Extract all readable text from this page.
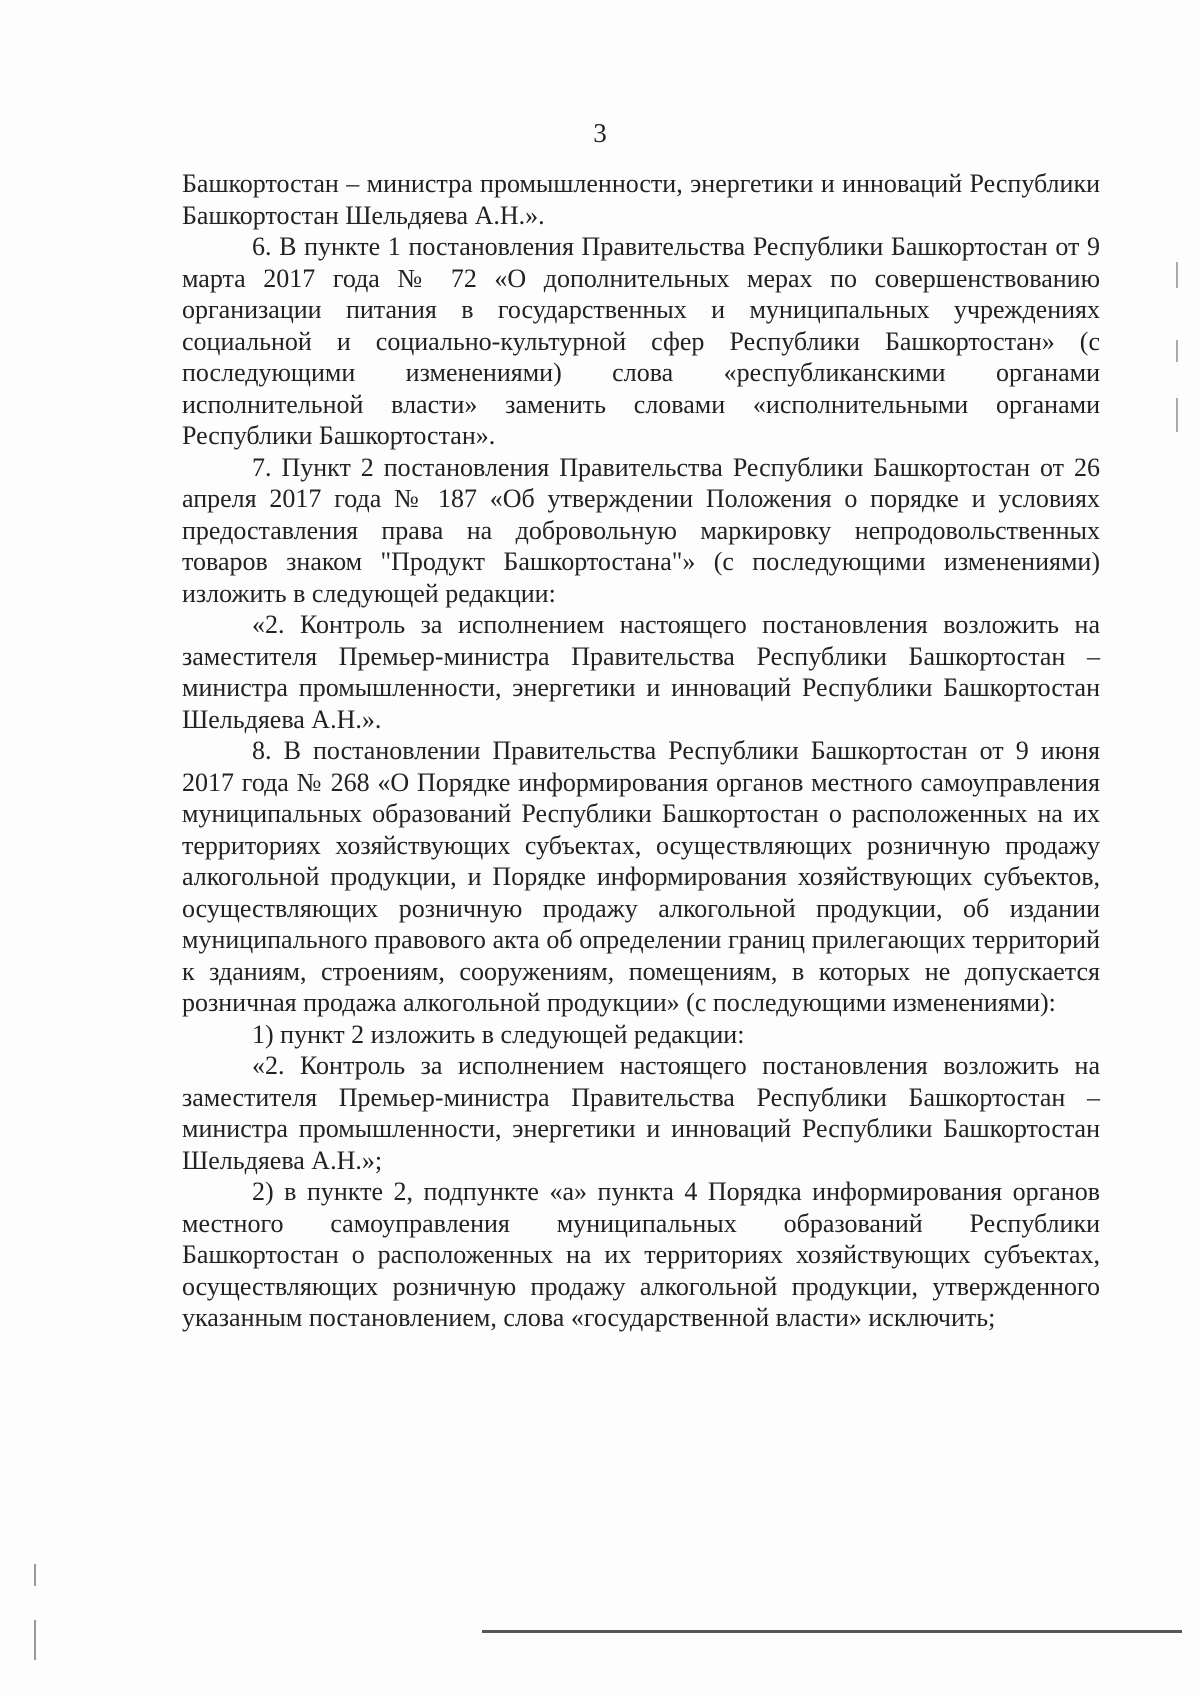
3

Башкортостан – министра промышленности, энергетики и инноваций Республики Башкортостан Шельдяева А.Н.».

6. В пункте 1 постановления Правительства Республики Башкортостан от 9 марта 2017 года № 72 «О дополнительных мерах по совершенствованию организации питания в государственных и муниципальных учреждениях социальной и социально-культурной сфер Республики Башкортостан» (с последующими изменениями) слова «республиканскими органами исполнительной власти» заменить словами «исполнительными органами Республики Башкортостан».

7. Пункт 2 постановления Правительства Республики Башкортостан от 26 апреля 2017 года № 187 «Об утверждении Положения о порядке и условиях предоставления права на добровольную маркировку непродовольственных товаров знаком "Продукт Башкортостана"» (с последующими изменениями) изложить в следующей редакции:

«2. Контроль за исполнением настоящего постановления возложить на заместителя Премьер-министра Правительства Республики Башкортостан – министра промышленности, энергетики и инноваций Республики Башкортостан Шельдяева А.Н.».

8. В постановлении Правительства Республики Башкортостан от 9 июня 2017 года № 268 «О Порядке информирования органов местного самоуправления муниципальных образований Республики Башкортостан о расположенных на их территориях хозяйствующих субъектах, осуществляющих розничную продажу алкогольной продукции, и Порядке информирования хозяйствующих субъектов, осуществляющих розничную продажу алкогольной продукции, об издании муниципального правового акта об определении границ прилегающих территорий к зданиям, строениям, сооружениям, помещениям, в которых не допускается розничная продажа алкогольной продукции» (с последующими изменениями):

1) пункт 2 изложить в следующей редакции:

«2. Контроль за исполнением настоящего постановления возложить на заместителя Премьер-министра Правительства Республики Башкортостан – министра промышленности, энергетики и инноваций Республики Башкортостан Шельдяева А.Н.»;

2) в пункте 2, подпункте «а» пункта 4 Порядка информирования органов местного самоуправления муниципальных образований Республики Башкортостан о расположенных на их территориях хозяйствующих субъектах, осуществляющих розничную продажу алкогольной продукции, утвержденного указанным постановлением, слова «государственной власти» исключить;
